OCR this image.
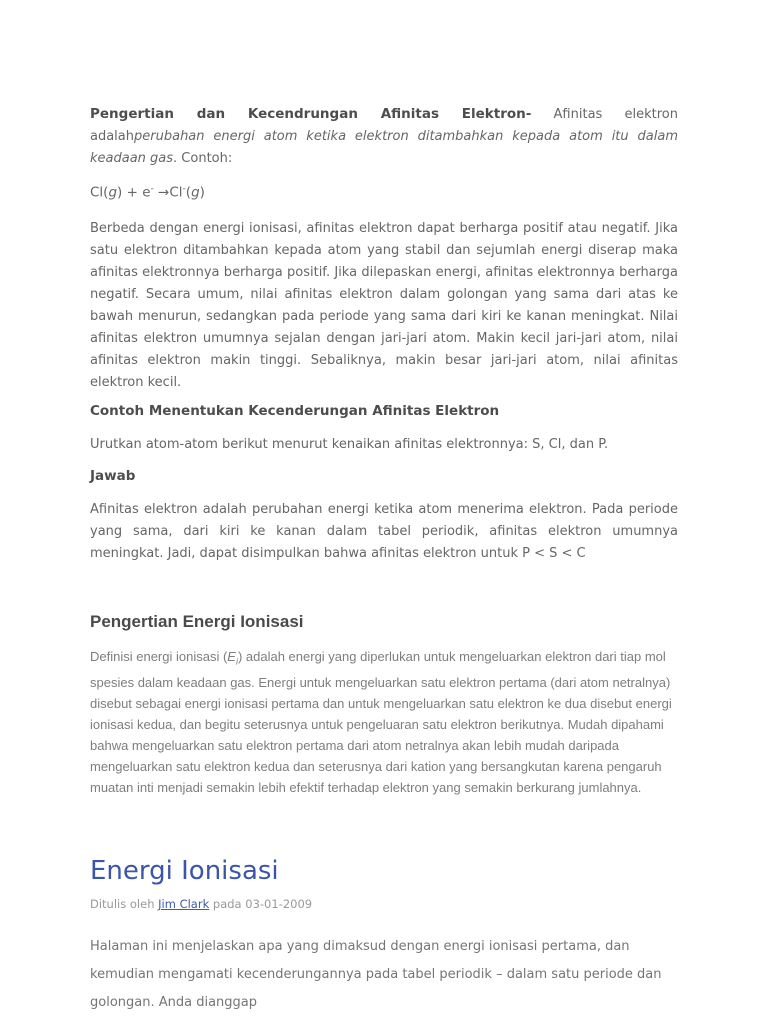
Pengertian dan Kecendrungan Afinitas Elektron- Afinitas elektron adalahperubahan energi atom ketika elektron ditambahkan kepada atom itu dalam keadaan gas. Contoh:

Cl(g) + e- →Cl-(g)

Berbeda dengan energi ionisasi, afinitas elektron dapat berharga positif atau negatif. Jika satu elektron ditambahkan kepada atom yang stabil dan sejumlah energi diserap maka afinitas elektronnya berharga positif. Jika dilepaskan energi, afinitas elektronnya berharga negatif. Secara umum, nilai afinitas elektron dalam golongan yang sama dari atas ke bawah menurun, sedangkan pada periode yang sama dari kiri ke kanan meningkat. Nilai afinitas elektron umumnya sejalan dengan jari-jari atom. Makin kecil jari-jari atom, nilai afinitas elektron makin tinggi. Sebaliknya, makin besar jari-jari atom, nilai afinitas elektron kecil.

Contoh Menentukan Kecenderungan Afinitas Elektron

Urutkan atom-atom berikut menurut kenaikan afinitas elektronnya: S, Cl, dan P.

Jawab

Afinitas elektron adalah perubahan energi ketika atom menerima elektron. Pada periode yang sama, dari kiri ke kanan dalam tabel periodik, afinitas elektron umumnya meningkat. Jadi, dapat disimpulkan bahwa afinitas elektron untuk P < S < C

Pengertian Energi Ionisasi

Definisi energi ionisasi $(E_i)$ adalah energi yang diperlukan untuk mengeluarkan elektron dari tiap mol spesies dalam keadaan gas. Energi untuk mengeluarkan satu elektron pertama (dari atom netralnya) disebut sebagai energi ionisasi pertama dan untuk mengeluarkan satu elektron ke dua disebut energi ionisasi kedua, dan begitu seterusnya untuk pengeluaran satu elektron berikutnya. Mudah dipahami bahwa mengeluarkan satu elektron pertama dari atom netralnya akan lebih mudah daripada mengeluarkan satu elektron kedua dan seterusnya dari kation yang bersangkutan karena pengaruh muatan inti menjadi semakin lebih efektif terhadap elektron yang semakin berkurang jumlahnya.

Energi Ionisasi

Ditulis oleh Jim Clark pada 03-01-2009

Halaman ini menjelaskan apa yang dimaksud dengan energi ionisasi pertama, dan kemudian mengamati kecenderungannya pada tabel periodik – dalam satu periode dan golongan. Anda dianggap
